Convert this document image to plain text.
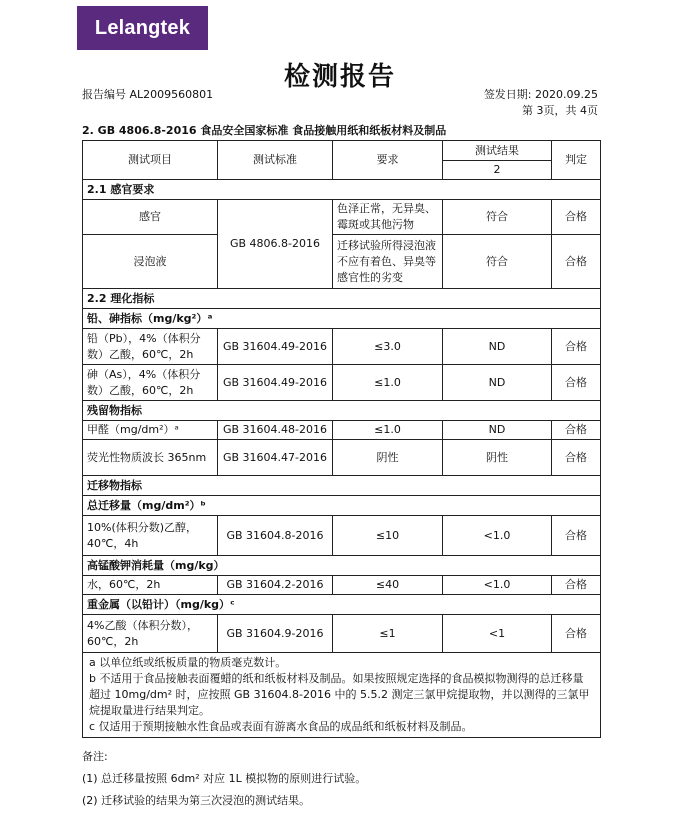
Lelangtek
检测报告
报告编号 AL2009560801	签发日期: 2020.09.25
第 3页，共 4页
2. GB 4806.8-2016 食品安全国家标准 食品接触用纸和纸板材料及制品
测试项目	测试标准	要求	测试结果	判定
			2	
2.1 感官要求				
感官	GB 4806.8-2016	色泽正常，无异臭、霉斑或其他污物	符合	合格
浸泡液		迁移试验所得浸泡液不应有着色、异臭等感官性的劣变	符合	合格
2.2 理化指标				
铅、砷指标（mg/kg²）ᵃ				
铅（Pb），4%（体积分数）乙酸，60℃，2h	GB 31604.49-2016	≤3.0	ND	合格
砷（As），4%（体积分数）乙酸，60℃，2h	GB 31604.49-2016	≤1.0	ND	合格
残留物指标				
甲醛（mg/dm²）ᵃ	GB 31604.48-2016	≤1.0	ND	合格
荧光性物质波长 365nm	GB 31604.47-2016	阴性	阴性	合格
迁移物指标				
总迁移量（mg/dm²）ᵇ				
10%(体积分数)乙醇，40℃，4h	GB 31604.8-2016	≤10	<1.0	合格
高锰酸钾消耗量（mg/kg）				
水，60℃，2h	GB 31604.2-2016	≤40	<1.0	合格
重金属（以铅计）（mg/kg）ᶜ				
4%乙酸（体积分数），60℃，2h	GB 31604.9-2016	≤1	<1	合格

a 以单位纸或纸板质量的物质毫克数计。
b 不适用于食品接触表面覆蜡的纸和纸板材料及制品。如果按照规定选择的食品模拟物测得的总迁移量超过 10mg/dm² 时，应按照 GB 31604.8-2016 中的 5.5.2 测定三氯甲烷提取物，并以测得的三氯甲烷提取量进行结果判定。
c 仅适用于预期接触水性食品或表面有游离水食品的成品纸和纸板材料及制品。				
备注:
(1) 总迁移量按照 6dm² 对应 1L 模拟物的原则进行试验。
(2) 迁移试验的结果为第三次浸泡的测试结果。
